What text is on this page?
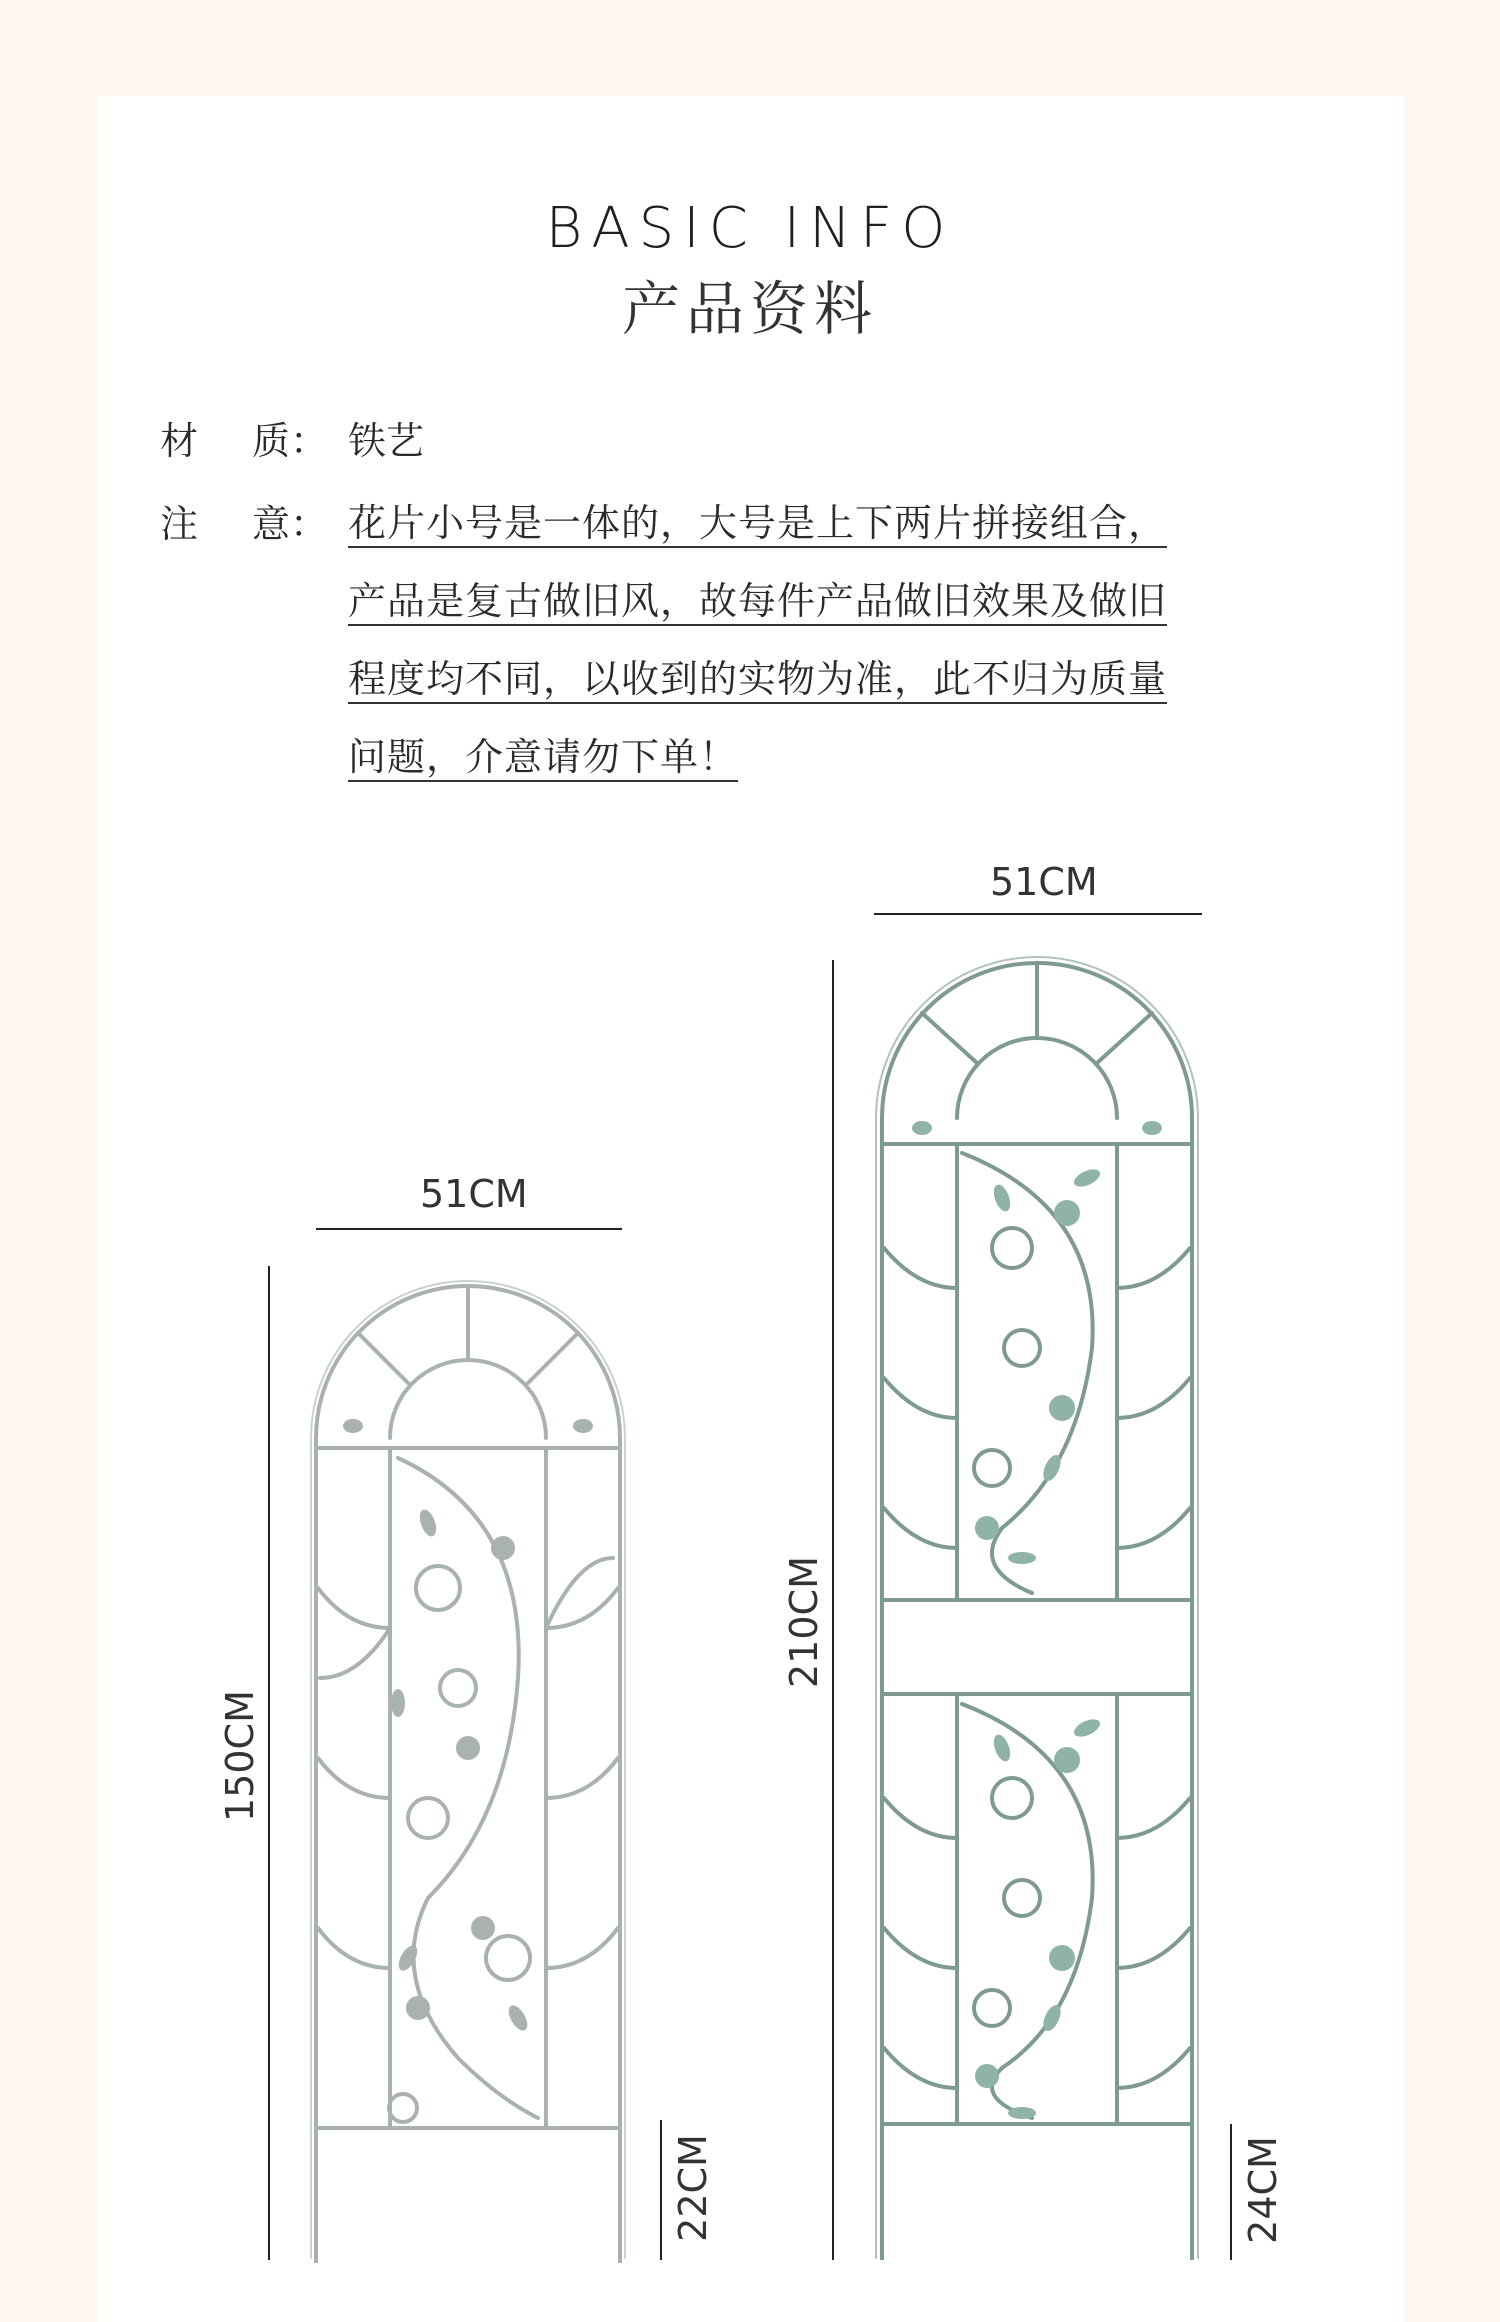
BASIC INFO
产品资料
材 质： 铁艺
注 意： 花片小号是一体的，大号是上下两片拼接组合，
产品是复古做旧风，故每件产品做旧效果及做旧
程度均不同，以收到的实物为准，此不归为质量
问题，介意请勿下单！
51CM
150CM
22CM
51CM
210CM
24CM
